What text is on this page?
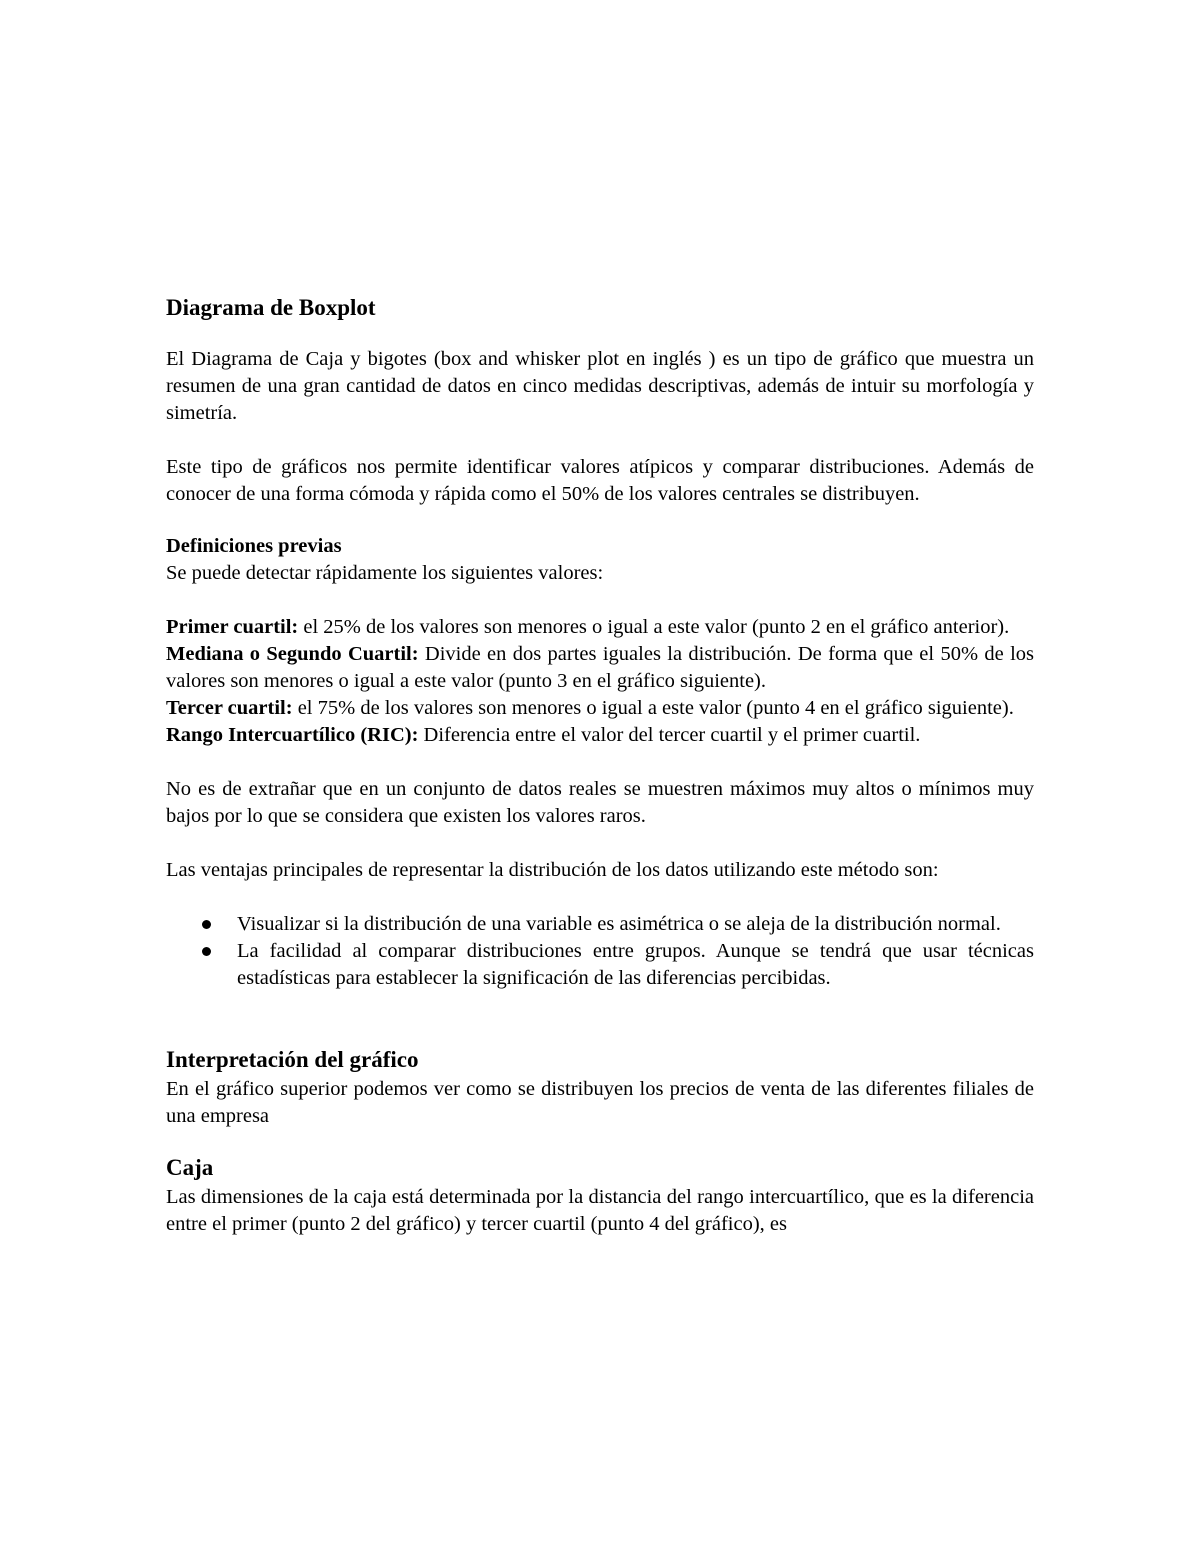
Diagrama de Boxplot

El Diagrama de Caja y bigotes (box and whisker plot en inglés ) es un tipo de gráfico que muestra un resumen de una gran cantidad de datos en cinco medidas descriptivas, además de intuir su morfología y simetría.

Este tipo de gráficos nos permite identificar valores atípicos y comparar distribuciones. Además de conocer de una forma cómoda y rápida como el 50% de los valores centrales se distribuyen.

Definiciones previas

Se puede detectar rápidamente los siguientes valores:

Primer cuartil: el 25% de los valores son menores o igual a este valor (punto 2 en el gráfico anterior).

Mediana o Segundo Cuartil: Divide en dos partes iguales la distribución. De forma que el 50% de los valores son menores o igual a este valor (punto 3 en el gráfico siguiente).

Tercer cuartil: el 75% de los valores son menores o igual a este valor (punto 4 en el gráfico siguiente).

Rango Intercuartílico (RIC): Diferencia entre el valor del tercer cuartil y el primer cuartil.

No es de extrañar que en un conjunto de datos reales se muestren máximos muy altos o mínimos muy bajos por lo que se considera que existen los valores raros.

Las ventajas principales de representar la distribución de los datos utilizando este método son:

Visualizar si la distribución de una variable es asimétrica o se aleja de la distribución normal.
La facilidad al comparar distribuciones entre grupos. Aunque se tendrá que usar técnicas estadísticas para establecer la significación de las diferencias percibidas.
Interpretación del gráfico

En el gráfico superior podemos ver como se distribuyen los precios de venta de las diferentes filiales de una empresa

Caja

Las dimensiones de la caja está determinada por la distancia del rango intercuartílico, que es la diferencia entre el primer (punto 2 del gráfico) y tercer cuartil (punto 4 del gráfico), es
